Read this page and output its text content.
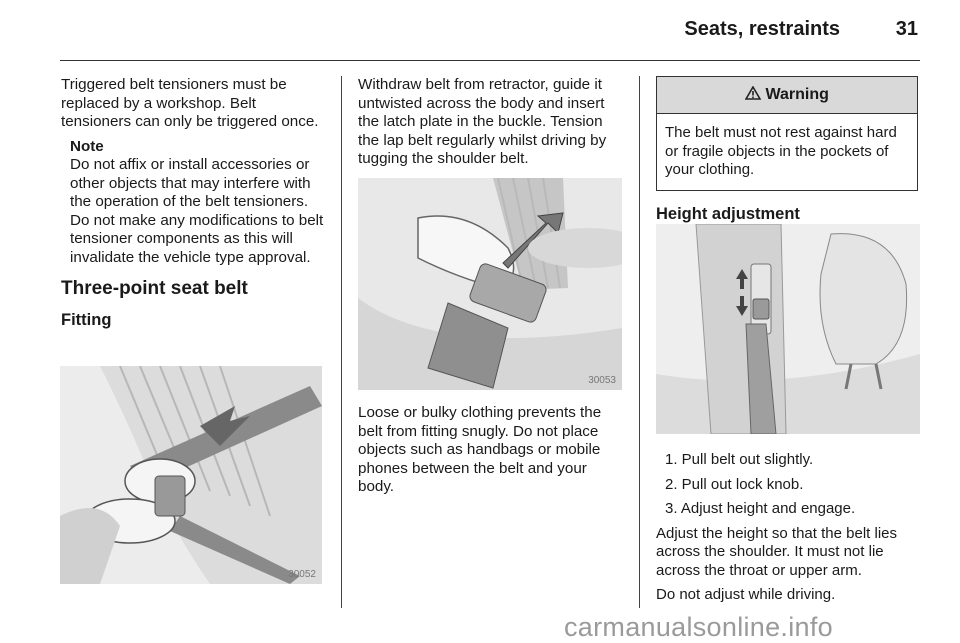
Seats, restraints	31

Triggered belt tensioners must be replaced by a workshop. Belt tensioners can only be triggered once.

Note
Do not affix or install accessories or other objects that may interfere with the operation of the belt tensioners. Do not make any modifications to belt tensioner components as this will invalidate the vehicle type approval.
Three-point seat belt
Fitting
30052

Withdraw belt from retractor, guide it untwisted across the body and insert the latch plate in the buckle. Tension the lap belt regularly whilst driving by tugging the shoulder belt.

30053

Loose or bulky clothing prevents the belt from fitting snugly. Do not place objects such as handbags or mobile phones between the belt and your body.

Warning
The belt must not rest against hard or fragile objects in the pockets of your clothing.
Height adjustment
1. Pull belt out slightly.
2. Pull out lock knob.
3. Adjust height and engage.

Adjust the height so that the belt lies across the shoulder. It must not lie across the throat or upper arm.

Do not adjust while driving.

carmanualsonline.info
